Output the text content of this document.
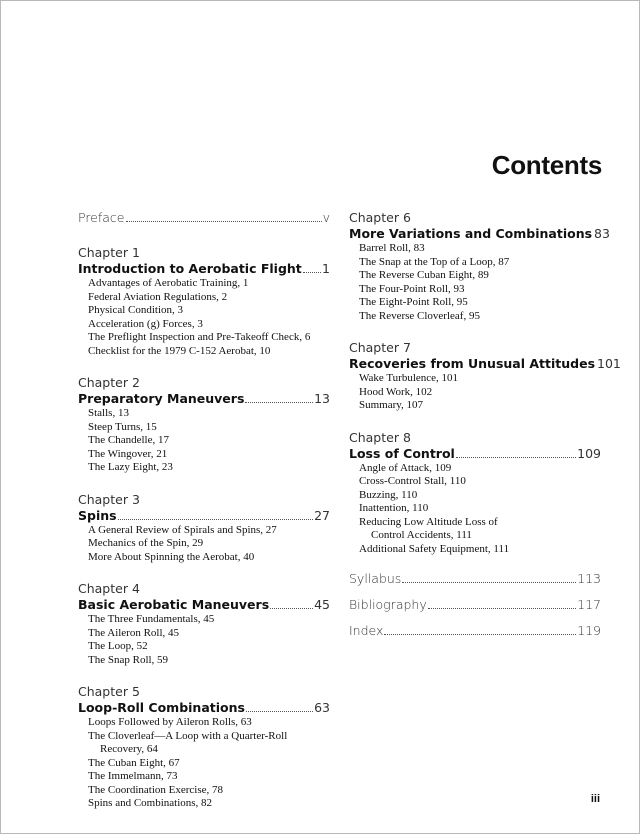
Contents
Preface	v
Chapter 1
Introduction to Aerobatic Flight 1
Advantages of Aerobatic Training, 1
Federal Aviation Regulations, 2
Physical Condition, 3
Acceleration (g) Forces, 3
The Preflight Inspection and Pre-Takeoff Check, 6
Checklist for the 1979 C-152 Aerobat, 10
Chapter 2
Preparatory Maneuvers	13
Stalls, 13
Steep Turns, 15
The Chandelle, 17
The Wingover, 21
The Lazy Eight, 23
Chapter 3
Spins	27
A General Review of Spirals and Spins, 27
Mechanics of the Spin, 29
More About Spinning the Aerobat, 40
Chapter 4
Basic Aerobatic Maneuvers	45
The Three Fundamentals, 45
The Aileron Roll, 45
The Loop, 52
The Snap Roll, 59
Chapter 5
Loop-Roll Combinations	63
Loops Followed by Aileron Rolls, 63
The Cloverleaf—A Loop with a Quarter-Roll
Recovery, 64
The Cuban Eight, 67
The Immelmann, 73
The Coordination Exercise, 78
Spins and Combinations, 82
Chapter 6
More Variations and Combinations 83
Barrel Roll, 83
The Snap at the Top of a Loop, 87
The Reverse Cuban Eight, 89
The Four-Point Roll, 93
The Eight-Point Roll, 95
The Reverse Cloverleaf, 95
Chapter 7
Recoveries from Unusual Attitudes 101
Wake Turbulence, 101
Hood Work, 102
Summary, 107
Chapter 8
Loss of Control	109
Angle of Attack, 109
Cross-Control Stall, 110
Buzzing, 110
Inattention, 110
Reducing Low Altitude Loss of
Control Accidents, 111
Additional Safety Equipment, 111
Syllabus	113
Bibliography	117
Index	119
iii
